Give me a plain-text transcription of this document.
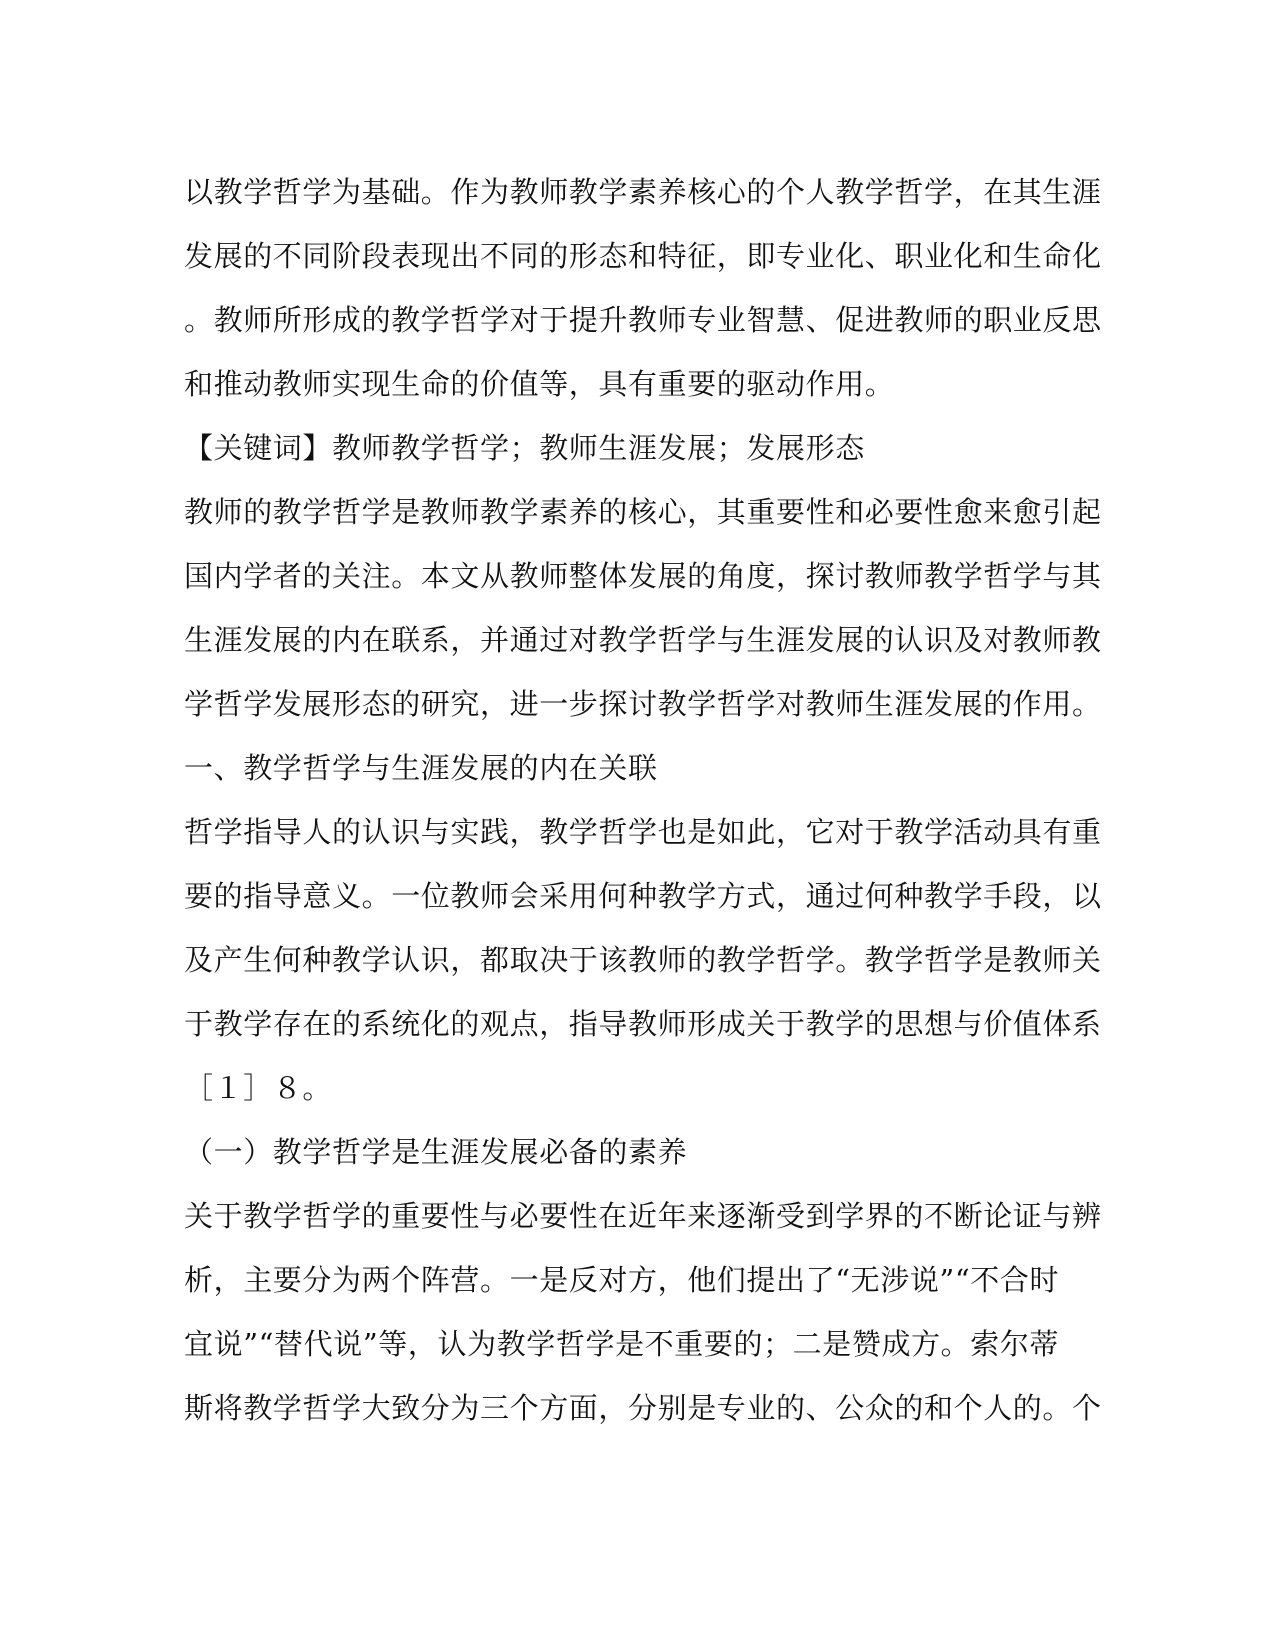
以教学哲学为基础。作为教师教学素养核心的个人教学哲学，在其生涯
发展的不同阶段表现出不同的形态和特征，即专业化、职业化和生命化
。教师所形成的教学哲学对于提升教师专业智慧、促进教师的职业反思
和推动教师实现生命的价值等，具有重要的驱动作用。
【关键词】教师教学哲学；教师生涯发展；发展形态
教师的教学哲学是教师教学素养的核心，其重要性和必要性愈来愈引起
国内学者的关注。本文从教师整体发展的角度，探讨教师教学哲学与其
生涯发展的内在联系，并通过对教学哲学与生涯发展的认识及对教师教
学哲学发展形态的研究，进一步探讨教学哲学对教师生涯发展的作用。
一、教学哲学与生涯发展的内在关联
哲学指导人的认识与实践，教学哲学也是如此，它对于教学活动具有重
要的指导意义。一位教师会采用何种教学方式，通过何种教学手段，以
及产生何种教学认识，都取决于该教师的教学哲学。教学哲学是教师关
于教学存在的系统化的观点，指导教师形成关于教学的思想与价值体系
［１］８。
（一）教学哲学是生涯发展必备的素养
关于教学哲学的重要性与必要性在近年来逐渐受到学界的不断论证与辨
析，主要分为两个阵营。一是反对方，他们提出了“无涉说”“不合时
宜说”“替代说”等，认为教学哲学是不重要的；二是赞成方。索尔蒂
斯将教学哲学大致分为三个方面，分别是专业的、公众的和个人的。个
